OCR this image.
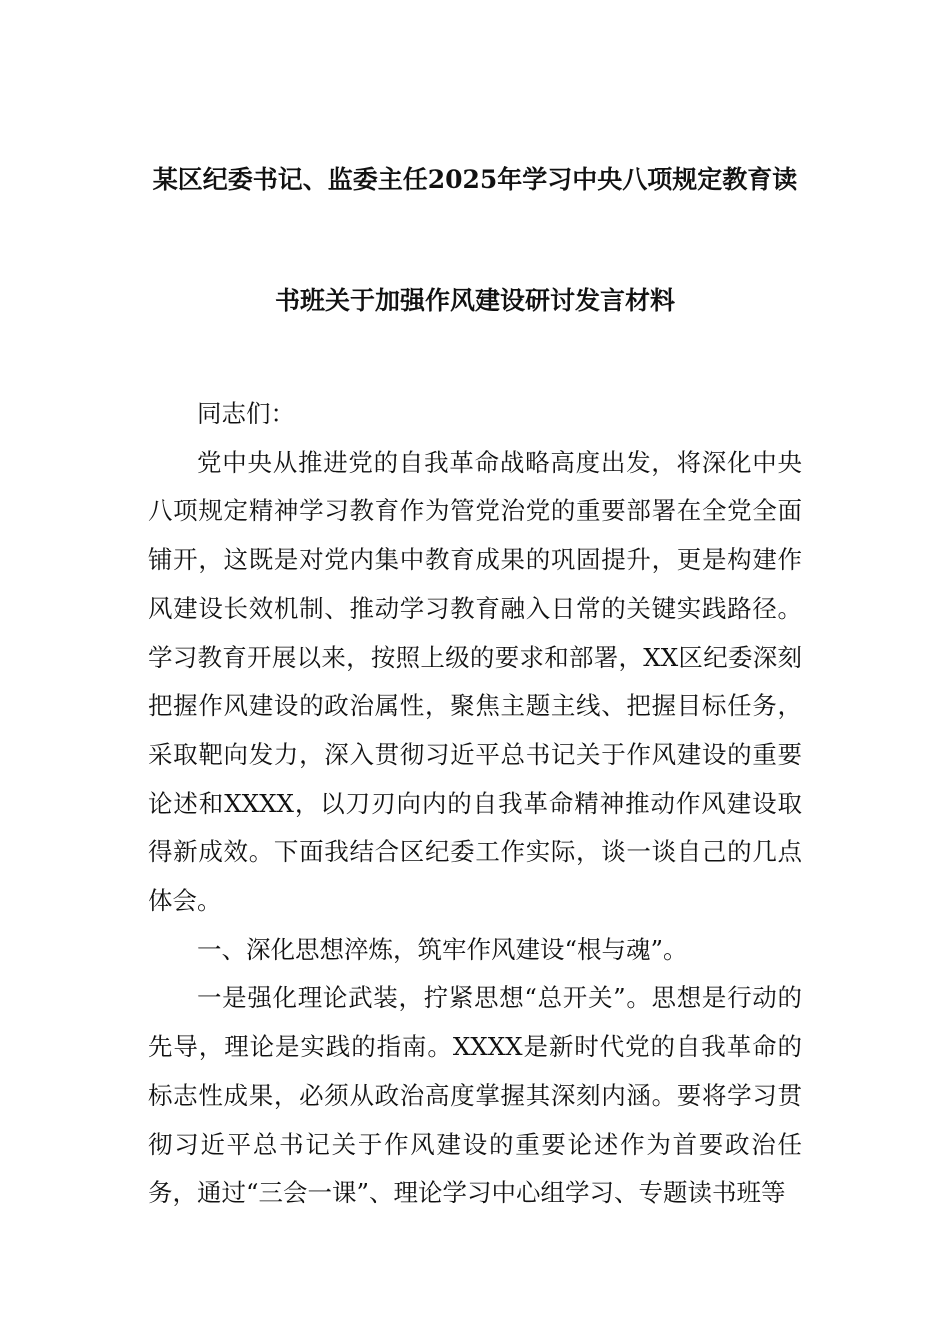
某区纪委书记、监委主任2025年学习中央八项规定教育读
书班关于加强作风建设研讨发言材料

同志们：

党中央从推进党的自我革命战略高度出发，将深化中央八项规定精神学习教育作为管党治党的重要部署在全党全面铺开，这既是对党内集中教育成果的巩固提升，更是构建作风建设长效机制、推动学习教育融入日常的关键实践路径。学习教育开展以来，按照上级的要求和部署，XX区纪委深刻把握作风建设的政治属性，聚焦主题主线、把握目标任务，采取靶向发力，深入贯彻习近平总书记关于作风建设的重要论述和XXXX，以刀刃向内的自我革命精神推动作风建设取得新成效。下面我结合区纪委工作实际，谈一谈自己的几点体会。

一、深化思想淬炼，筑牢作风建设“根与魂”。

一是强化理论武装，拧紧思想“总开关”。思想是行动的先导，理论是实践的指南。XXXX是新时代党的自我革命的标志性成果，必须从政治高度掌握其深刻内涵。要将学习贯彻习近平总书记关于作风建设的重要论述作为首要政治任务，通过“三会一课”、理论学习中心组学习、专题读书班等
